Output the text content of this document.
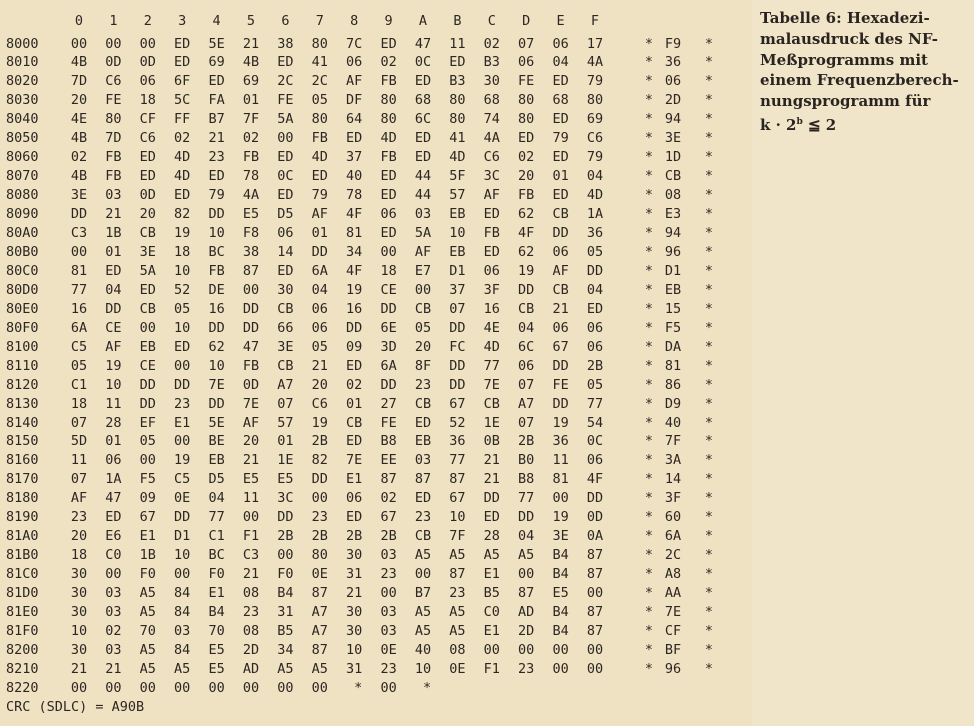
0	1	2	3	4	5	6	7	8	9	A	B	C	D	E	F
8000	00	00	00	ED	5E	21	38	80	7C	ED	47	11	02	07	06	17	* F9	*
8010	4B	0D	0D	ED	69	4B	ED	41	06	02	0C	ED	B3	06	04	4A	* 36	*
8020	7D	C6	06	6F	ED	69	2C	2C	AF	FB	ED	B3	30	FE	ED	79	* 06	*
8030	20	FE	18	5C	FA	01	FE	05	DF	80	68	80	68	80	68	80	* 2D	*
8040	4E	80	CF	FF	B7	7F	5A	80	64	80	6C	80	74	80	ED	69	* 94	*
8050	4B	7D	C6	02	21	02	00	FB	ED	4D	ED	41	4A	ED	79	C6	* 3E	*
8060	02	FB	ED	4D	23	FB	ED	4D	37	FB	ED	4D	C6	02	ED	79	* 1D	*
8070	4B	FB	ED	4D	ED	78	0C	ED	40	ED	44	5F	3C	20	01	04	* CB	*
8080	3E	03	0D	ED	79	4A	ED	79	78	ED	44	57	AF	FB	ED	4D	* 08	*
8090	DD	21	20	82	DD	E5	D5	AF	4F	06	03	EB	ED	62	CB	1A	* E3	*
80A0	C3	1B	CB	19	10	F8	06	01	81	ED	5A	10	FB	4F	DD	36	* 94	*
80B0	00	01	3E	18	BC	38	14	DD	34	00	AF	EB	ED	62	06	05	* 96	*
80C0	81	ED	5A	10	FB	87	ED	6A	4F	18	E7	D1	06	19	AF	DD	* D1	*
80D0	77	04	ED	52	DE	00	30	04	19	CE	00	37	3F	DD	CB	04	* EB	*
80E0	16	DD	CB	05	16	DD	CB	06	16	DD	CB	07	16	CB	21	ED	* 15	*
80F0	6A	CE	00	10	DD	DD	66	06	DD	6E	05	DD	4E	04	06	06	* F5	*
8100	C5	AF	EB	ED	62	47	3E	05	09	3D	20	FC	4D	6C	67	06	* DA	*
8110	05	19	CE	00	10	FB	CB	21	ED	6A	8F	DD	77	06	DD	2B	* 81	*
8120	C1	10	DD	DD	7E	0D	A7	20	02	DD	23	DD	7E	07	FE	05	* 86	*
8130	18	11	DD	23	DD	7E	07	C6	01	27	CB	67	CB	A7	DD	77	* D9	*
8140	07	28	EF	E1	5E	AF	57	19	CB	FE	ED	52	1E	07	19	54	* 40	*
8150	5D	01	05	00	BE	20	01	2B	ED	B8	EB	36	0B	2B	36	0C	* 7F	*
8160	11	06	00	19	EB	21	1E	82	7E	EE	03	77	21	B0	11	06	* 3A	*
8170	07	1A	F5	C5	D5	E5	E5	DD	E1	87	87	87	21	B8	81	4F	* 14	*
8180	AF	47	09	0E	04	11	3C	00	06	02	ED	67	DD	77	00	DD	* 3F	*
8190	23	ED	67	DD	77	00	DD	23	ED	67	23	10	ED	DD	19	0D	* 60	*
81A0	20	E6	E1	D1	C1	F1	2B	2B	2B	2B	CB	7F	28	04	3E	0A	* 6A	*
81B0	18	C0	1B	10	BC	C3	00	80	30	03	A5	A5	A5	A5	B4	87	* 2C	*
81C0	30	00	F0	00	F0	21	F0	0E	31	23	00	87	E1	00	B4	87	* A8	*
81D0	30	03	A5	84	E1	08	B4	87	21	00	B7	23	B5	87	E5	00	* AA	*
81E0	30	03	A5	84	B4	23	31	A7	30	03	A5	A5	C0	AD	B4	87	* 7E	*
81F0	10	02	70	03	70	08	B5	A7	30	03	A5	A5	E1	2D	B4	87	* CF	*
8200	30	03	A5	84	E5	2D	34	87	10	0E	40	08	00	00	00	00	* BF	*
8210	21	21	A5	A5	E5	AD	A5	A5	31	23	10	0E	F1	23	00	00	* 96	*
8220	00	00	00	00	00	00	00	00	*	00	*
CRC (SDLC) = A90B
Tabelle 6: Hexadezi-
malausdruck des NF-
Meßprogramms mit
einem Frequenzberech-
nungsprogramm für
$k \cdot 2^b$ ≦ 2
